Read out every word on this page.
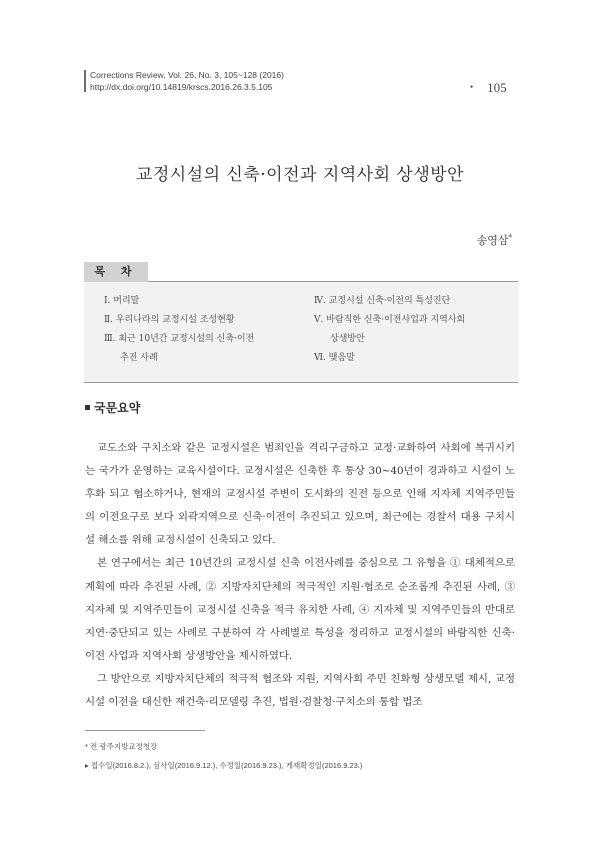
Corrections Review, Vol. 26, No. 3, 105~128 (2016)
http://dx.doi.org/10.14819/krscs.2016.26.3.5.105	• 105
교정시설의 신축·이전과 지역사회 상생방안
송영삼*
목 차
Ⅰ. 머리말
Ⅱ. 우리나라의 교정시설 조성현황
Ⅲ. 최근 10년간 교정시설의 신축·이전
추진 사례
Ⅳ. 교정시설 신축·이전의 특성진단
Ⅴ. 바람직한 신축·이전사업과 지역사회
상생방안
Ⅵ. 맺음말
국문요약

교도소와 구치소와 같은 교정시설은 범죄인을 격리구금하고 교정·교화하여 사회에 복귀시키는 국가가 운영하는 교육시설이다. 교정시설은 신축한 후 통상 30~40년이 경과하고 시설이 노후화 되고 협소하거나, 현재의 교정시설 주변이 도시화의 진전 등으로 인해 지자체 지역주민들의 이전요구로 보다 외곽지역으로 신축·이전이 추진되고 있으며, 최근에는 경찰서 대용 구치시설 해소를 위해 교정시설이 신축되고 있다.

본 연구에서는 최근 10년간의 교정시설 신축 이전사례를 중심으로 그 유형을 ① 대체적으로 계획에 따라 추진된 사례, ② 지방자치단체의 적극적인 지원·협조로 순조롭게 추진된 사례, ③ 지자체 및 지역주민들이 교정시설 신축을 적극 유치한 사례, ④ 지자체 및 지역주민들의 반대로 지연·중단되고 있는 사례로 구분하여 각 사례별로 특성을 정리하고 교정시설의 바람직한 신축·이전 사업과 지역사회 상생방안을 제시하였다.

그 방안으로 지방자치단체의 적극적 협조와 지원, 지역사회 주민 친화형 상생모델 제시, 교정시설 이전을 대신한 재건축·리모델링 추진, 법원·검찰청·구치소의 통합 법조

* 전 광주지방교정청장
▸ 접수일(2016.8.2.), 심사일(2016.9.12.), 수정일(2016.9.23.), 게재확정일(2016.9.23.)
